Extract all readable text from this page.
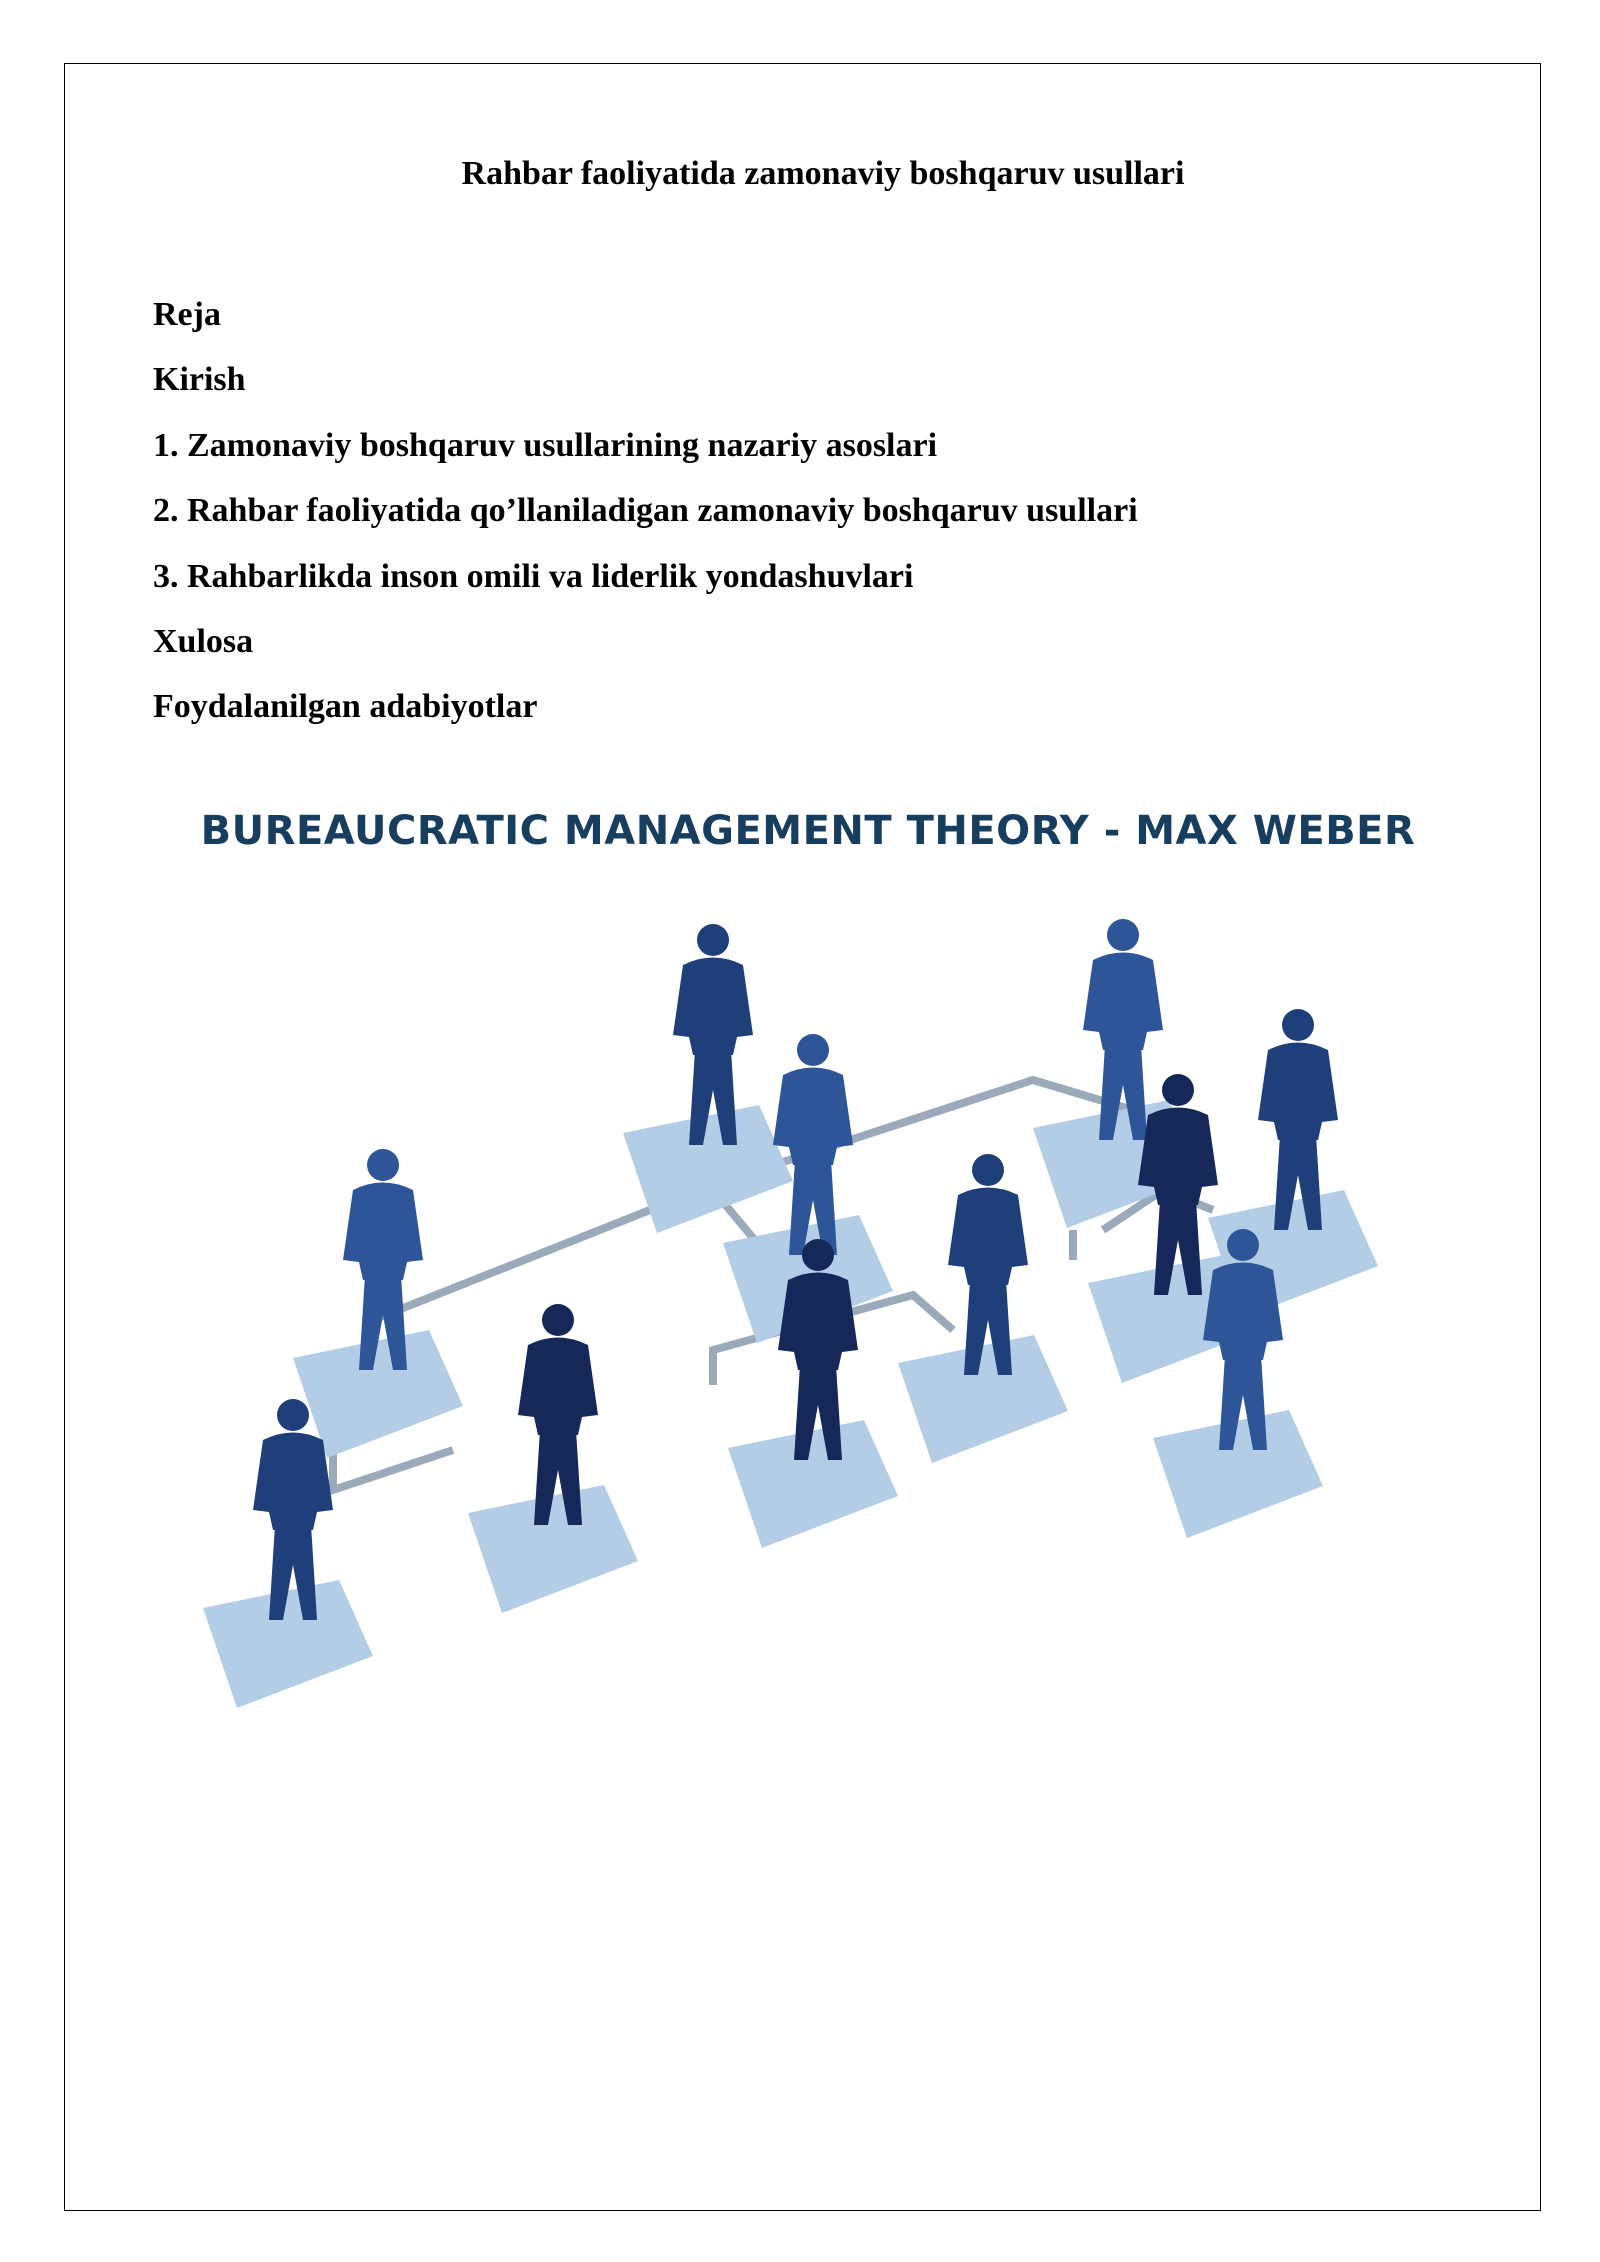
Rahbar faoliyatida zamonaviy boshqaruv usullari
Reja
Kirish
1. Zamonaviy boshqaruv usullarining nazariy asoslari
2. Rahbar faoliyatida qo’llaniladigan zamonaviy boshqaruv usullari
3. Rahbarlikda inson omili va liderlik yondashuvlari
Xulosa
Foydalanilgan adabiyotlar

BUREAUCRATIC MANAGEMENT THEORY - MAX WEBER
